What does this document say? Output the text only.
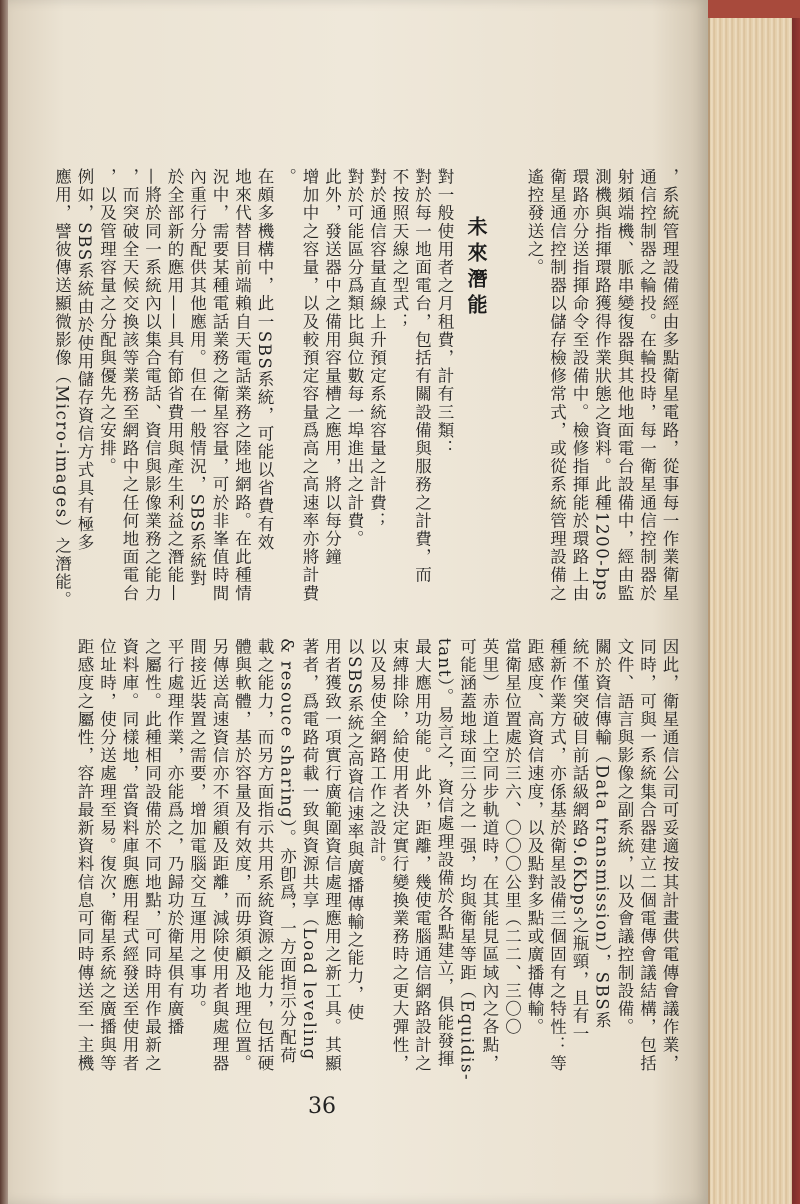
，系統管理設備經由多點衛星電路，從事每一作業衛星
通信控制器之輪投。在輪投時，每一衛星通信控制器於
射頻端機、脈串變復器與其他地面電台設備中，經由監
測機與指揮環路獲得作業狀態之資料。此種1200-bps
環路亦分送指揮命令至設備中。檢修指揮能於環路上由
衛星通信控制器以儲存檢修常式，或從系統管理設備之
遙控發送之。
對一般使用者之月租費，計有三類：
對於每一地面電台，包括有關設備與服務之計費，而
不按照天線之型式；
對於通信容量直線上升預定系統容量之計費；
對於可能區分爲類比與位數每一埠進出之計費。
此外，發送器中之備用容量槽之應用，將以每分鐘
增加中之容量，以及較預定容量爲高之高速率亦將計費
。
在頗多機構中，此一SBS系統，可能以省費有效
地來代替目前端賴自天電話業務之陸地網路。在此種情
況中，需要某種電話業務之衛星容量，可於非峯值時間
內重行分配供其他應用。但在一般情況，SBS系統對
於全部新的應用——具有節省費用與產生利益之潛能—
—將於同一系統內以集合電話、資信與影像業務之能力
，而突破全天候交換該等業務至網路中之任何地面電台
，以及管理容量之分配與優先之安排。
例如，SBS系統由於使用儲存資信方式具有極多
應用，譬彼傳送顯微影像（Micro-images）之潛能。
因此，衛星通信公司可妥適按其計畫供電傳會議作業，
同時，可與一系統集合器建立二個電傳會議結構，包括
文件、語言與影像之副系統，以及會議控制設備。
關於資信傳輸（Data transmission），SBS系
統不僅突破目前話級網路9.6Kbps之瓶頸，且有一
種新作業方式，亦係基於衛星設備三個固有之特性：等
距感度、高資信速度，以及點對多點或廣播傳輸。
當衛星位置處於三六、〇〇〇公里（二二、三〇〇
英里）赤道上空同步軌道時，在其能見區域內之各點，
可能涵蓋地球面三分之一强，均與衛星等距（Equidis-
tant）。易言之，資信處理設備於各點建立，俱能發揮
最大應用功能。此外，距離，幾使電腦通信網路設計之
束縛排除，給使用者決定實行變換業務時之更大彈性，
以及易使全網路工作之設計。
以SBS系統之高資信速率與廣播傳輸之能力，使
用者獲致一項實行廣範圍資信處理應用之新工具。其顯
著者，爲電路荷載一致與資源共享（Load leveling
& resouce sharing）。亦卽爲，一方面指示分配荷
載之能力，而另方面指示共用系統資源之能力，包括硬
體與軟體，基於容量及有效度，而毋須顧及地理位置。
另傳送高速資信亦不須顧及距離，減除使用者與處理器
間接近裝置之需要，增加電腦交互運用之事功。
平行處理作業，亦能爲之，乃歸功於衛星俱有廣播
之屬性。此種相同設備於不同地點，可同時用作最新之
資料庫。同樣地，當資料庫與應用程式經發送至使用者
位址時，使分送處理至易。復次，衛星系統之廣播與等
距感度之屬性，容許最新資料信息可同時傳送至一主機
未來潛能
36
